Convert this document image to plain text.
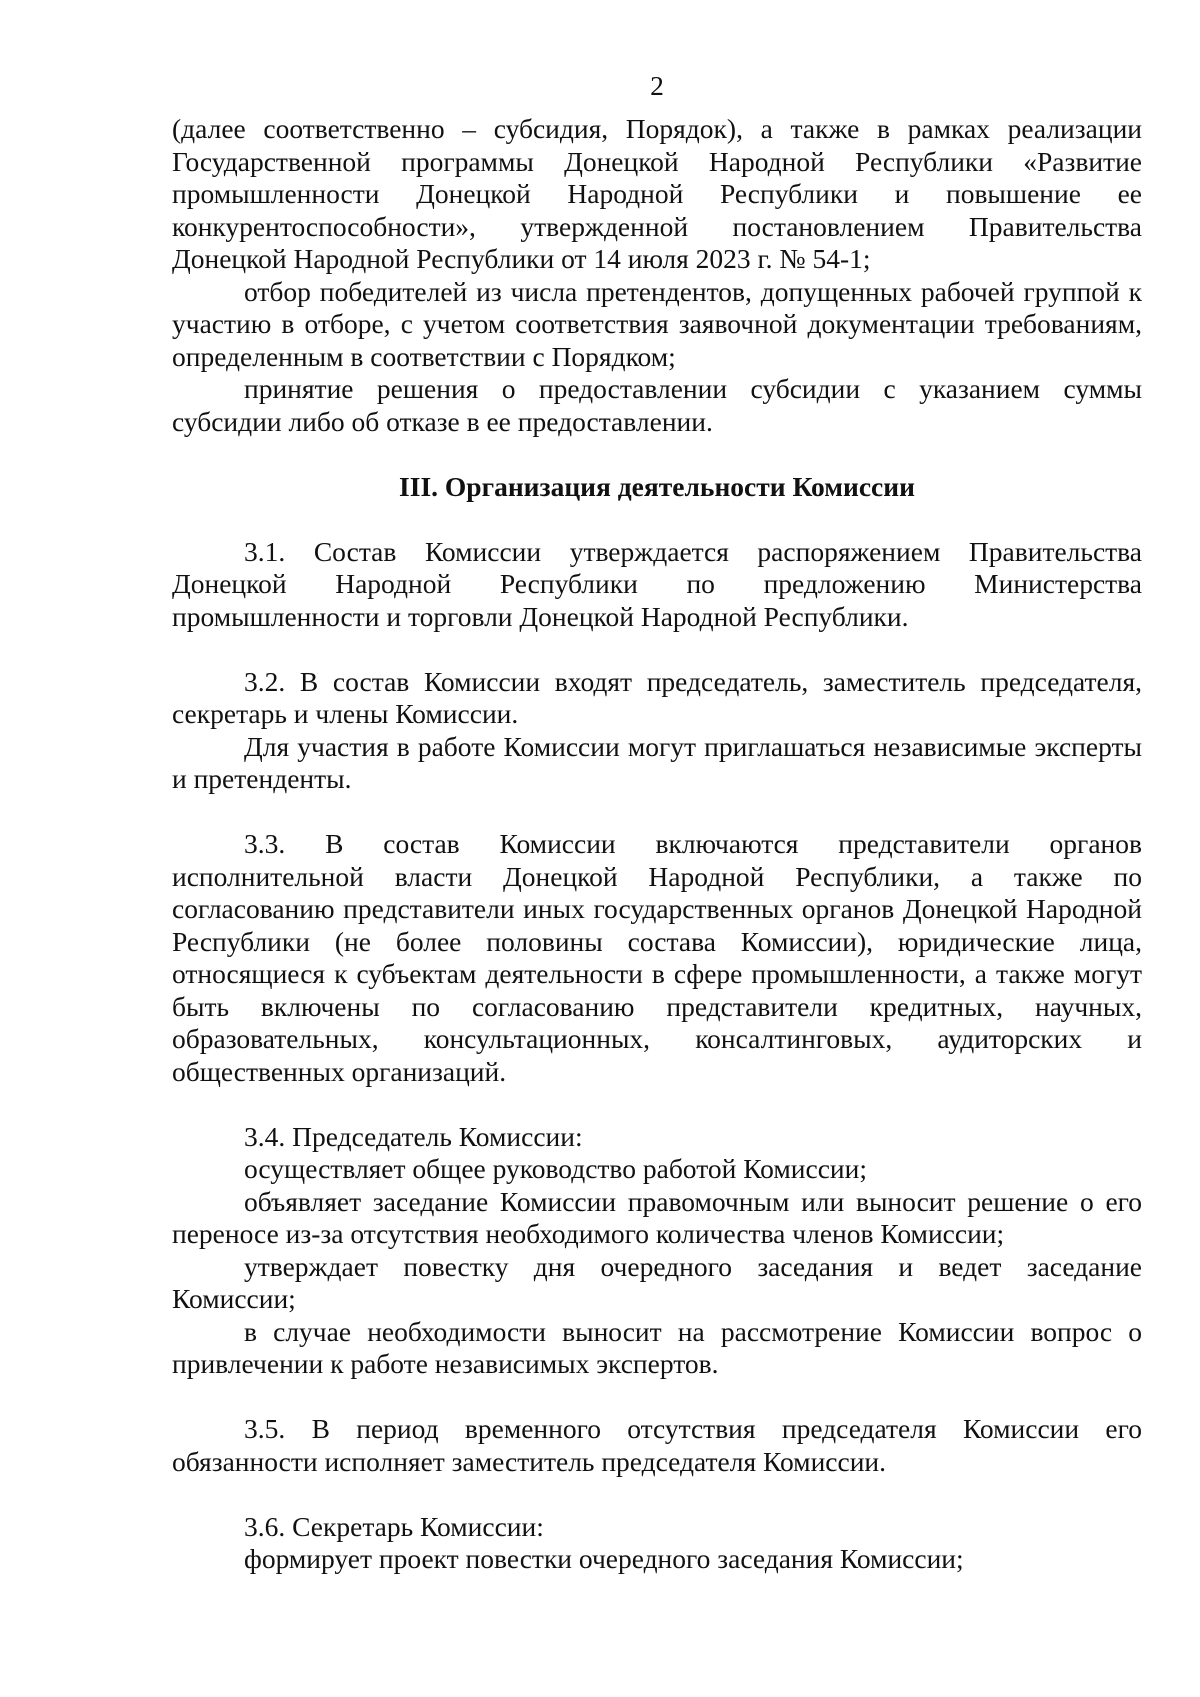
2

(далее соответственно – субсидия, Порядок), а также в рамках реализации Государственной программы Донецкой Народной Республики «Развитие промышленности Донецкой Народной Республики и повышение ее конкурентоспособности», утвержденной постановлением Правительства Донецкой Народной Республики от 14 июля 2023 г. № 54-1;

отбор победителей из числа претендентов, допущенных рабочей группой к участию в отборе, с учетом соответствия заявочной документации требованиям, определенным в соответствии с Порядком;

принятие решения о предоставлении субсидии с указанием суммы субсидии либо об отказе в ее предоставлении.

III. Организация деятельности Комиссии

3.1. Состав Комиссии утверждается распоряжением Правительства Донецкой Народной Республики по предложению Министерства промышленности и торговли Донецкой Народной Республики.

3.2. В состав Комиссии входят председатель, заместитель председателя, секретарь и члены Комиссии.

Для участия в работе Комиссии могут приглашаться независимые эксперты и претенденты.

3.3. В состав Комиссии включаются представители органов исполнительной власти Донецкой Народной Республики, а также по согласованию представители иных государственных органов Донецкой Народной Республики (не более половины состава Комиссии), юридические лица, относящиеся к субъектам деятельности в сфере промышленности, а также могут быть включены по согласованию представители кредитных, научных, образовательных, консультационных, консалтинговых, аудиторских и общественных организаций.

3.4. Председатель Комиссии:

осуществляет общее руководство работой Комиссии;

объявляет заседание Комиссии правомочным или выносит решение о его переносе из-за отсутствия необходимого количества членов Комиссии;

утверждает повестку дня очередного заседания и ведет заседание Комиссии;

в случае необходимости выносит на рассмотрение Комиссии вопрос о привлечении к работе независимых экспертов.

3.5. В период временного отсутствия председателя Комиссии его обязанности исполняет заместитель председателя Комиссии.

3.6. Секретарь Комиссии:

формирует проект повестки очередного заседания Комиссии;
